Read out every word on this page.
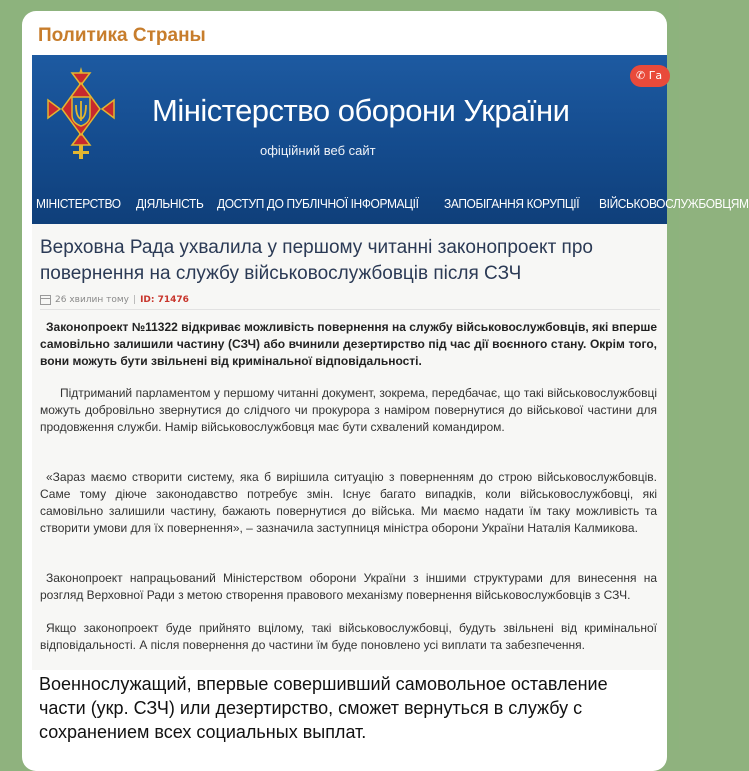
Политика Страны
Міністерство оборони України
офіційний веб сайт
✆ Га
МІНІСТЕРСТВО ДІЯЛЬНІСТЬ ДОСТУП ДО ПУБЛІЧНОЇ ІНФОРМАЦІЇ ЗАПОБІГАННЯ КОРУПЦІЇ ВІЙСЬКОВОСЛУЖБОВЦЯМ
Верховна Рада ухвалила у першому читанні законопроект про повернення на службу військовослужбовців після СЗЧ
26 хвилин тому | ID: 71476
Законопроект №11322 відкриває можливість повернення на службу військовослужбовців, які вперше самовільно залишили частину (СЗЧ) або вчинили дезертирство під час дії воєнного стану. Окрім того, вони можуть бути звільнені від кримінальної відповідальності.
Підтриманий парламентом у першому читанні документ, зокрема, передбачає, що такі військовослужбовці можуть добровільно звернутися до слідчого чи прокурора з наміром повернутися до військової частини для продовження служби. Намір військовослужбовця має бути схвалений командиром.
«Зараз маємо створити систему, яка б вирішила ситуацію з поверненням до строю військовослужбовців. Саме тому діюче законодавство потребує змін. Існує багато випадків, коли військовослужбовці, які самовільно залишили частину, бажають повернутися до війська. Ми маємо надати їм таку можливість та створити умови для їх повернення», – зазначила заступниця міністра оборони України Наталія Калмикова.
Законопроект напрацьований Міністерством оборони України з іншими структурами для винесення на розгляд Верховної Ради з метою створення правового механізму повернення військовослужбовців з СЗЧ.
Якщо законопроект буде прийнято вцілому, такі військовослужбовці, будуть звільнені від кримінальної відповідальності. А після повернення до частини їм буде поновлено усі виплати та забезпечення.
Военнослужащий, впервые совершивший самовольное оставление части (укр. СЗЧ) или дезертирство, сможет вернуться в службу с сохранением всех социальных выплат.
